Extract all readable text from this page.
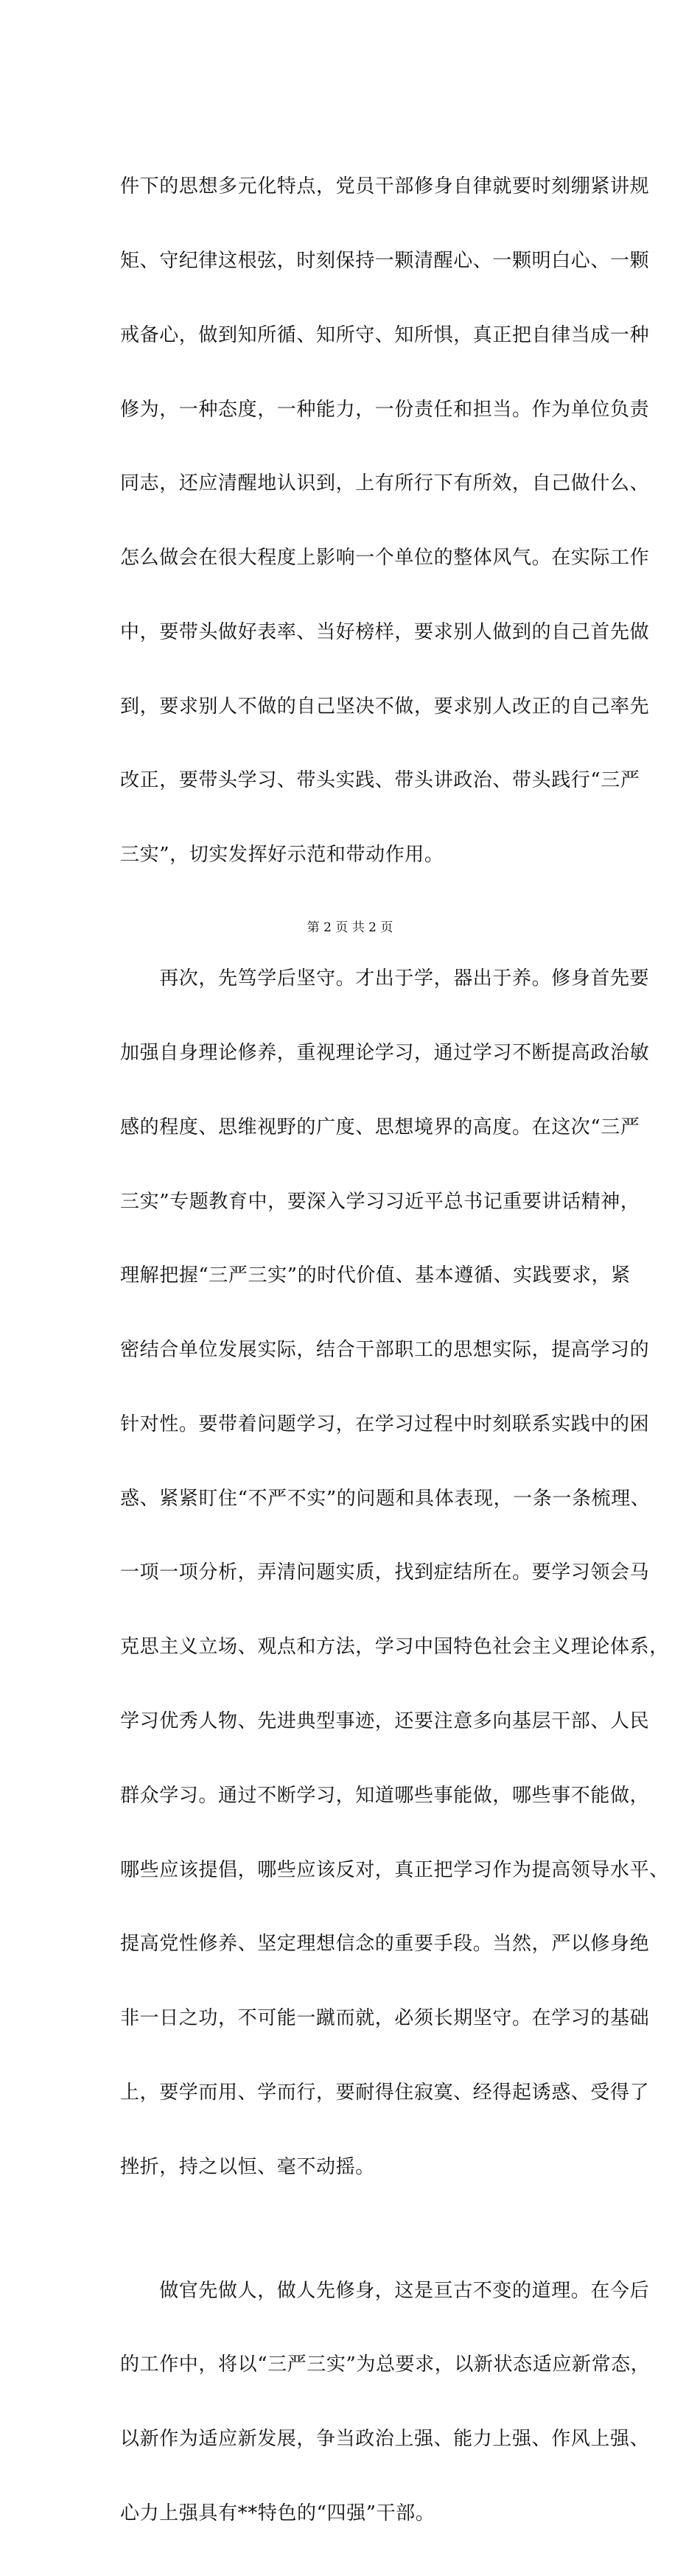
件下的思想多元化特点，党员干部修身自律就要时刻绷紧讲规

矩、守纪律这根弦，时刻保持一颗清醒心、一颗明白心、一颗

戒备心，做到知所循、知所守、知所惧，真正把自律当成一种

修为，一种态度，一种能力，一份责任和担当。作为单位负责

同志，还应清醒地认识到，上有所行下有所效，自己做什么、

怎么做会在很大程度上影响一个单位的整体风气。在实际工作

中，要带头做好表率、当好榜样，要求别人做到的自己首先做

到，要求别人不做的自己坚决不做，要求别人改正的自己率先

改正，要带头学习、带头实践、带头讲政治、带头践行“三严

三实”，切实发挥好示范和带动作用。

　　再次，先笃学后坚守。才出于学，器出于养。修身首先要

加强自身理论修养，重视理论学习，通过学习不断提高政治敏

感的程度、思维视野的广度、思想境界的高度。在这次“三严

三实”专题教育中，要深入学习习近平总书记重要讲话精神，

理解把握“三严三实”的时代价值、基本遵循、实践要求，紧

密结合单位发展实际，结合干部职工的思想实际，提高学习的

针对性。要带着问题学习，在学习过程中时刻联系实践中的困

惑、紧紧盯住“不严不实”的问题和具体表现，一条一条梳理、

一项一项分析，弄清问题实质，找到症结所在。要学习领会马

克思主义立场、观点和方法，学习中国特色社会主义理论体系，

学习优秀人物、先进典型事迹，还要注意多向基层干部、人民

群众学习。通过不断学习，知道哪些事能做，哪些事不能做，

哪些应该提倡，哪些应该反对，真正把学习作为提高领导水平、

提高党性修养、坚定理想信念的重要手段。当然，严以修身绝

非一日之功，不可能一蹴而就，必须长期坚守。在学习的基础

上，要学而用、学而行，要耐得住寂寞、经得起诱惑、受得了

挫折，持之以恒、毫不动摇。

　　做官先做人，做人先修身，这是亘古不变的道理。在今后

的工作中，将以“三严三实”为总要求，以新状态适应新常态，

以新作为适应新发展，争当政治上强、能力上强、作风上强、

心力上强具有**特色的“四强”干部。

第 2 页 共 2 页
